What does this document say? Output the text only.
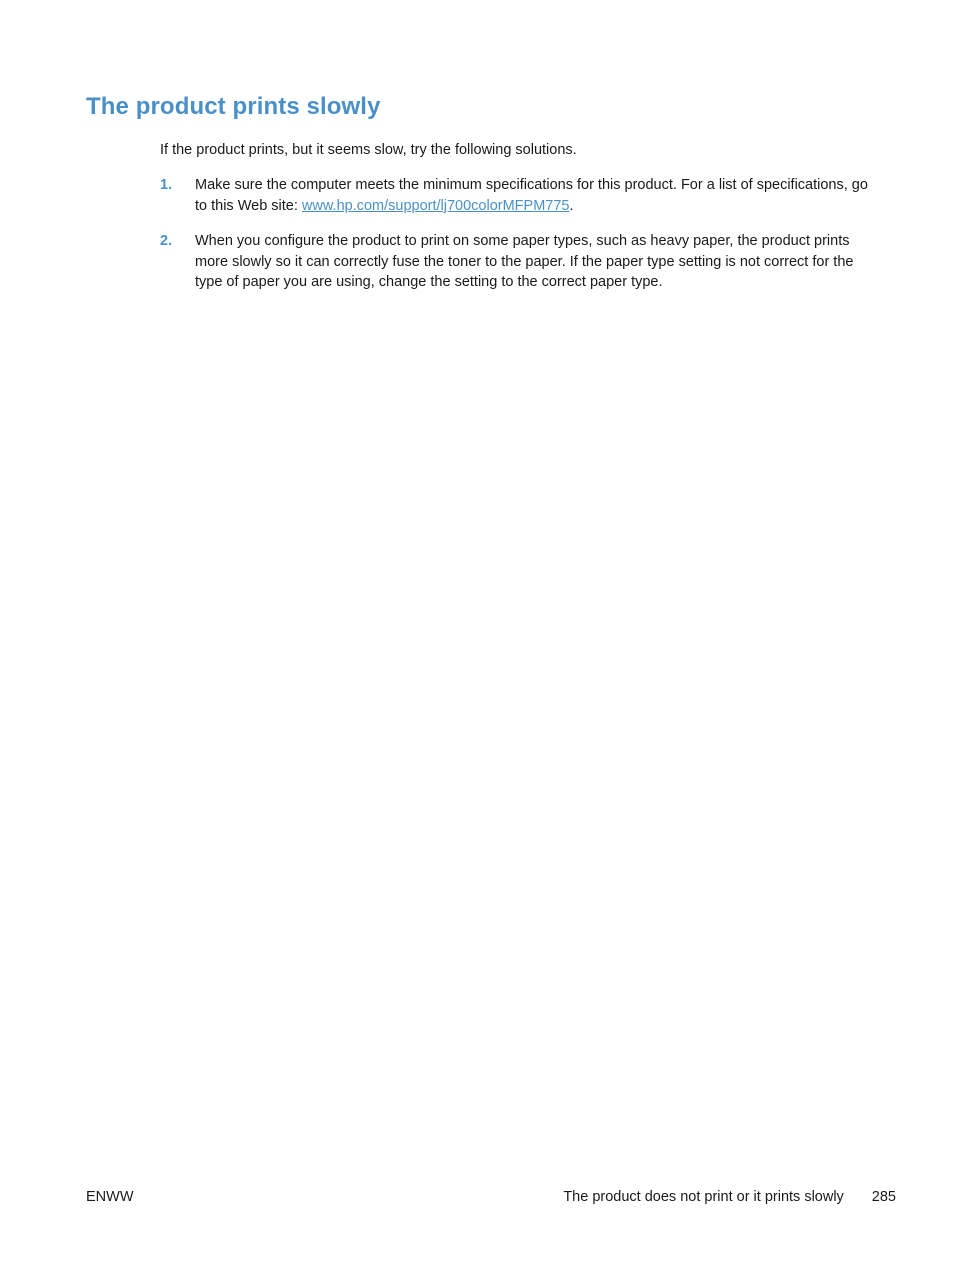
The product prints slowly

If the product prints, but it seems slow, try the following solutions.

1. Make sure the computer meets the minimum specifications for this product. For a list of specifications, go to this Web site: www.hp.com/support/lj700colorMFPM775.
2. When you configure the product to print on some paper types, such as heavy paper, the product prints more slowly so it can correctly fuse the toner to the paper. If the paper type setting is not correct for the type of paper you are using, change the setting to the correct paper type.
ENWW	The product does not print or it prints slowly 285
